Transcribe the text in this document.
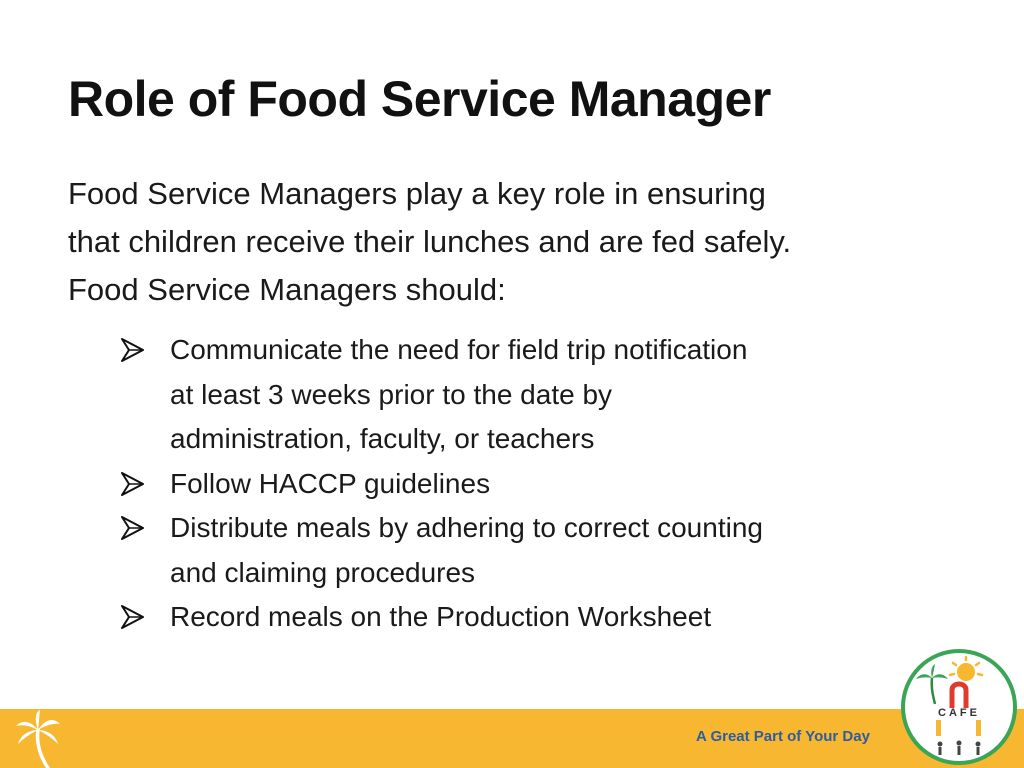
Role of Food Service Manager

Food Service Managers play a key role in ensuring

that children receive their lunches and are fed safely.

Food Service Managers should:

Communicate the need for field trip notification
at least 3 weeks prior to the date by
administration, faculty, or teachers
Follow HACCP guidelines
Distribute meals by adhering to correct counting
and claiming procedures
Record meals on the Production Worksheet
A Great Part of Your Day
CAFE
